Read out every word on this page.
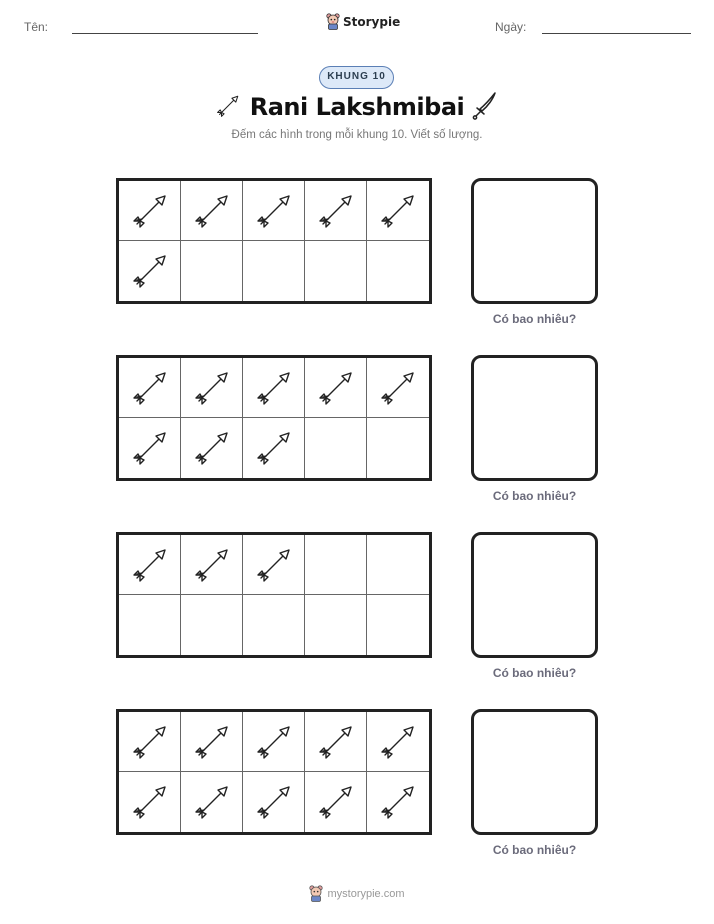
Tên:	Storypie	Ngày:
KHUNG 10
Rani Lakshmibai
Đếm các hình trong mỗi khung 10. Viết số lượng.
Có bao nhiêu?
Có bao nhiêu?
Có bao nhiêu?
Có bao nhiêu?
mystorypie.com
